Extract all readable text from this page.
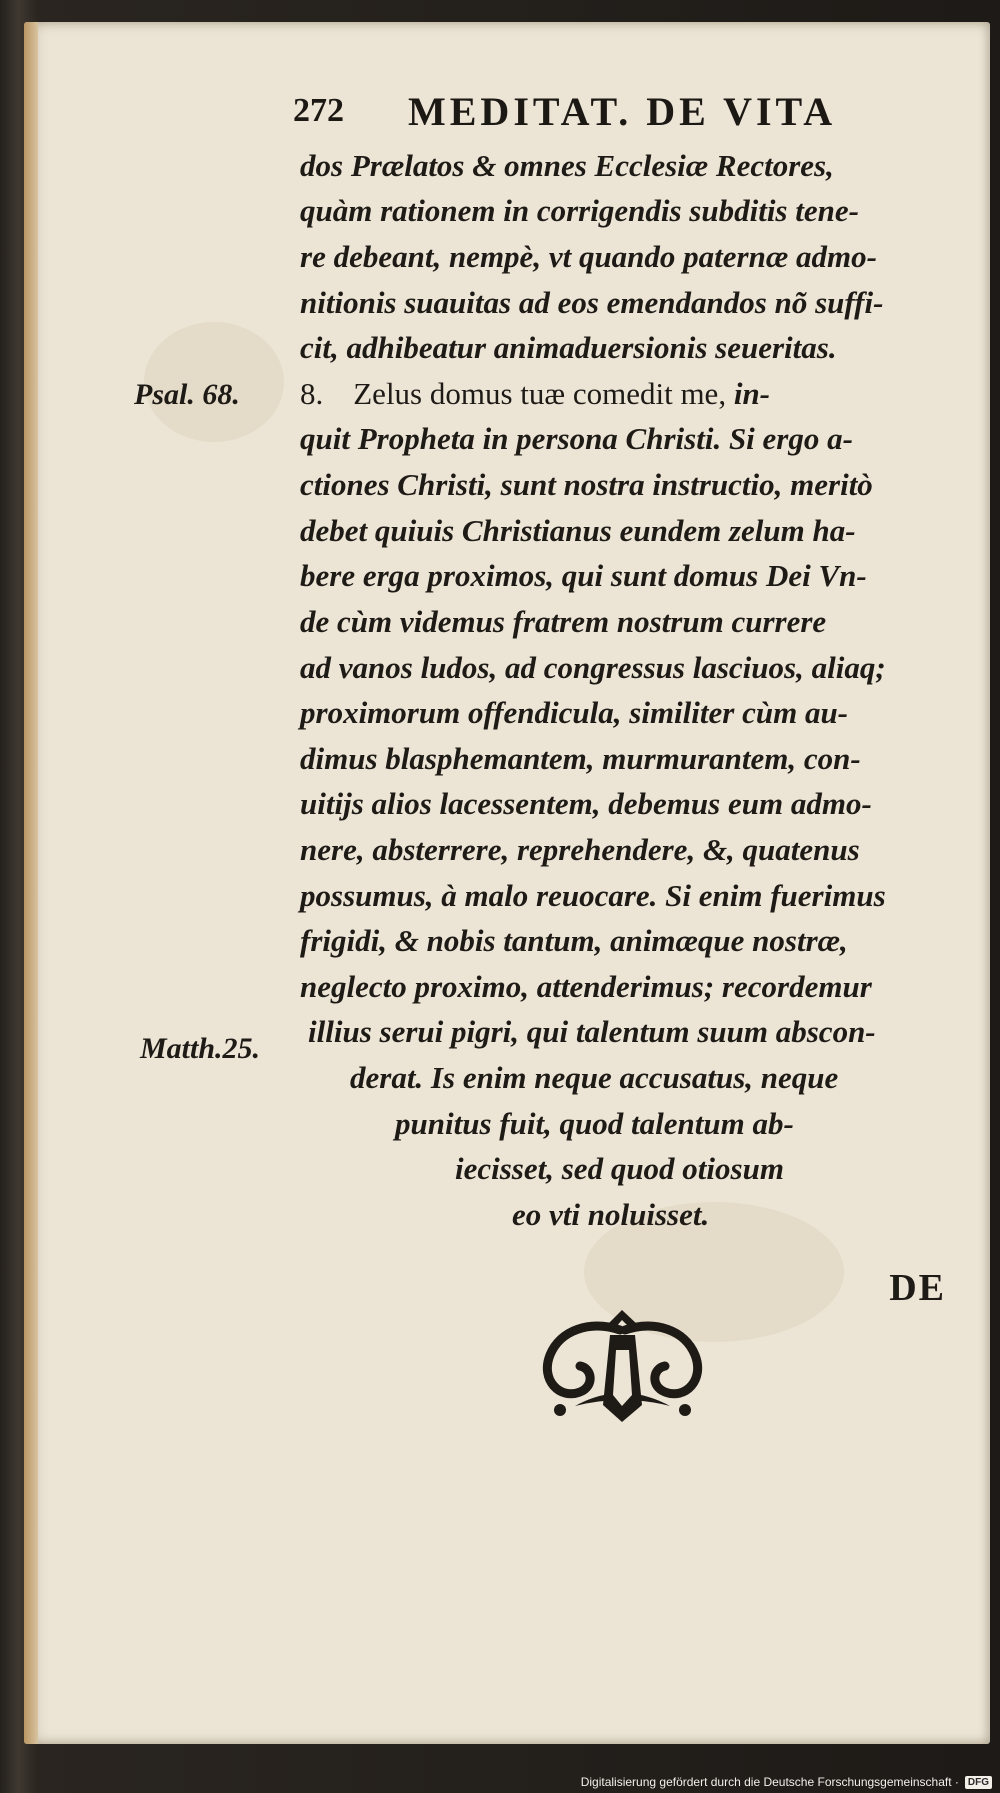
272 MEDITAT. DE VITA
Psal. 68.
Matth.25.
dos Prælatos & omnes Ecclesiæ Rectores,
quàm rationem in corrigendis subditis tene-
re debeant, nempè, vt quando paternæ admo-
nitionis suauitas ad eos emendandos nõ suffi-
cit, adhibeatur animaduersionis seueritas.
8. Zelus domus tuæ comedit me, in-
quit Propheta in persona Christi. Si ergo a-
ctiones Christi, sunt nostra instructio, meritò
debet quiuis Christianus eundem zelum ha-
bere erga proximos, qui sunt domus Dei Vn-
de cùm videmus fratrem nostrum currere
ad vanos ludos, ad congressus lasciuos, aliaq;
proximorum offendicula, similiter cùm au-
dimus blasphemantem, murmurantem, con-
uitijs alios lacessentem, debemus eum admo-
nere, absterrere, reprehendere, &, quatenus
possumus, à malo reuocare. Si enim fuerimus
frigidi, & nobis tantum, animæque nostræ,
neglecto proximo, attenderimus; recordemur
illius serui pigri, qui talentum suum abscon-
derat. Is enim neque accusatus, neque
punitus fuit, quod talentum ab-
iecisset, sed quod otiosum
eo vti noluisset.
DE
Digitalisierung gefördert durch die Deutsche Forschungsgemeinschaft · DFG
